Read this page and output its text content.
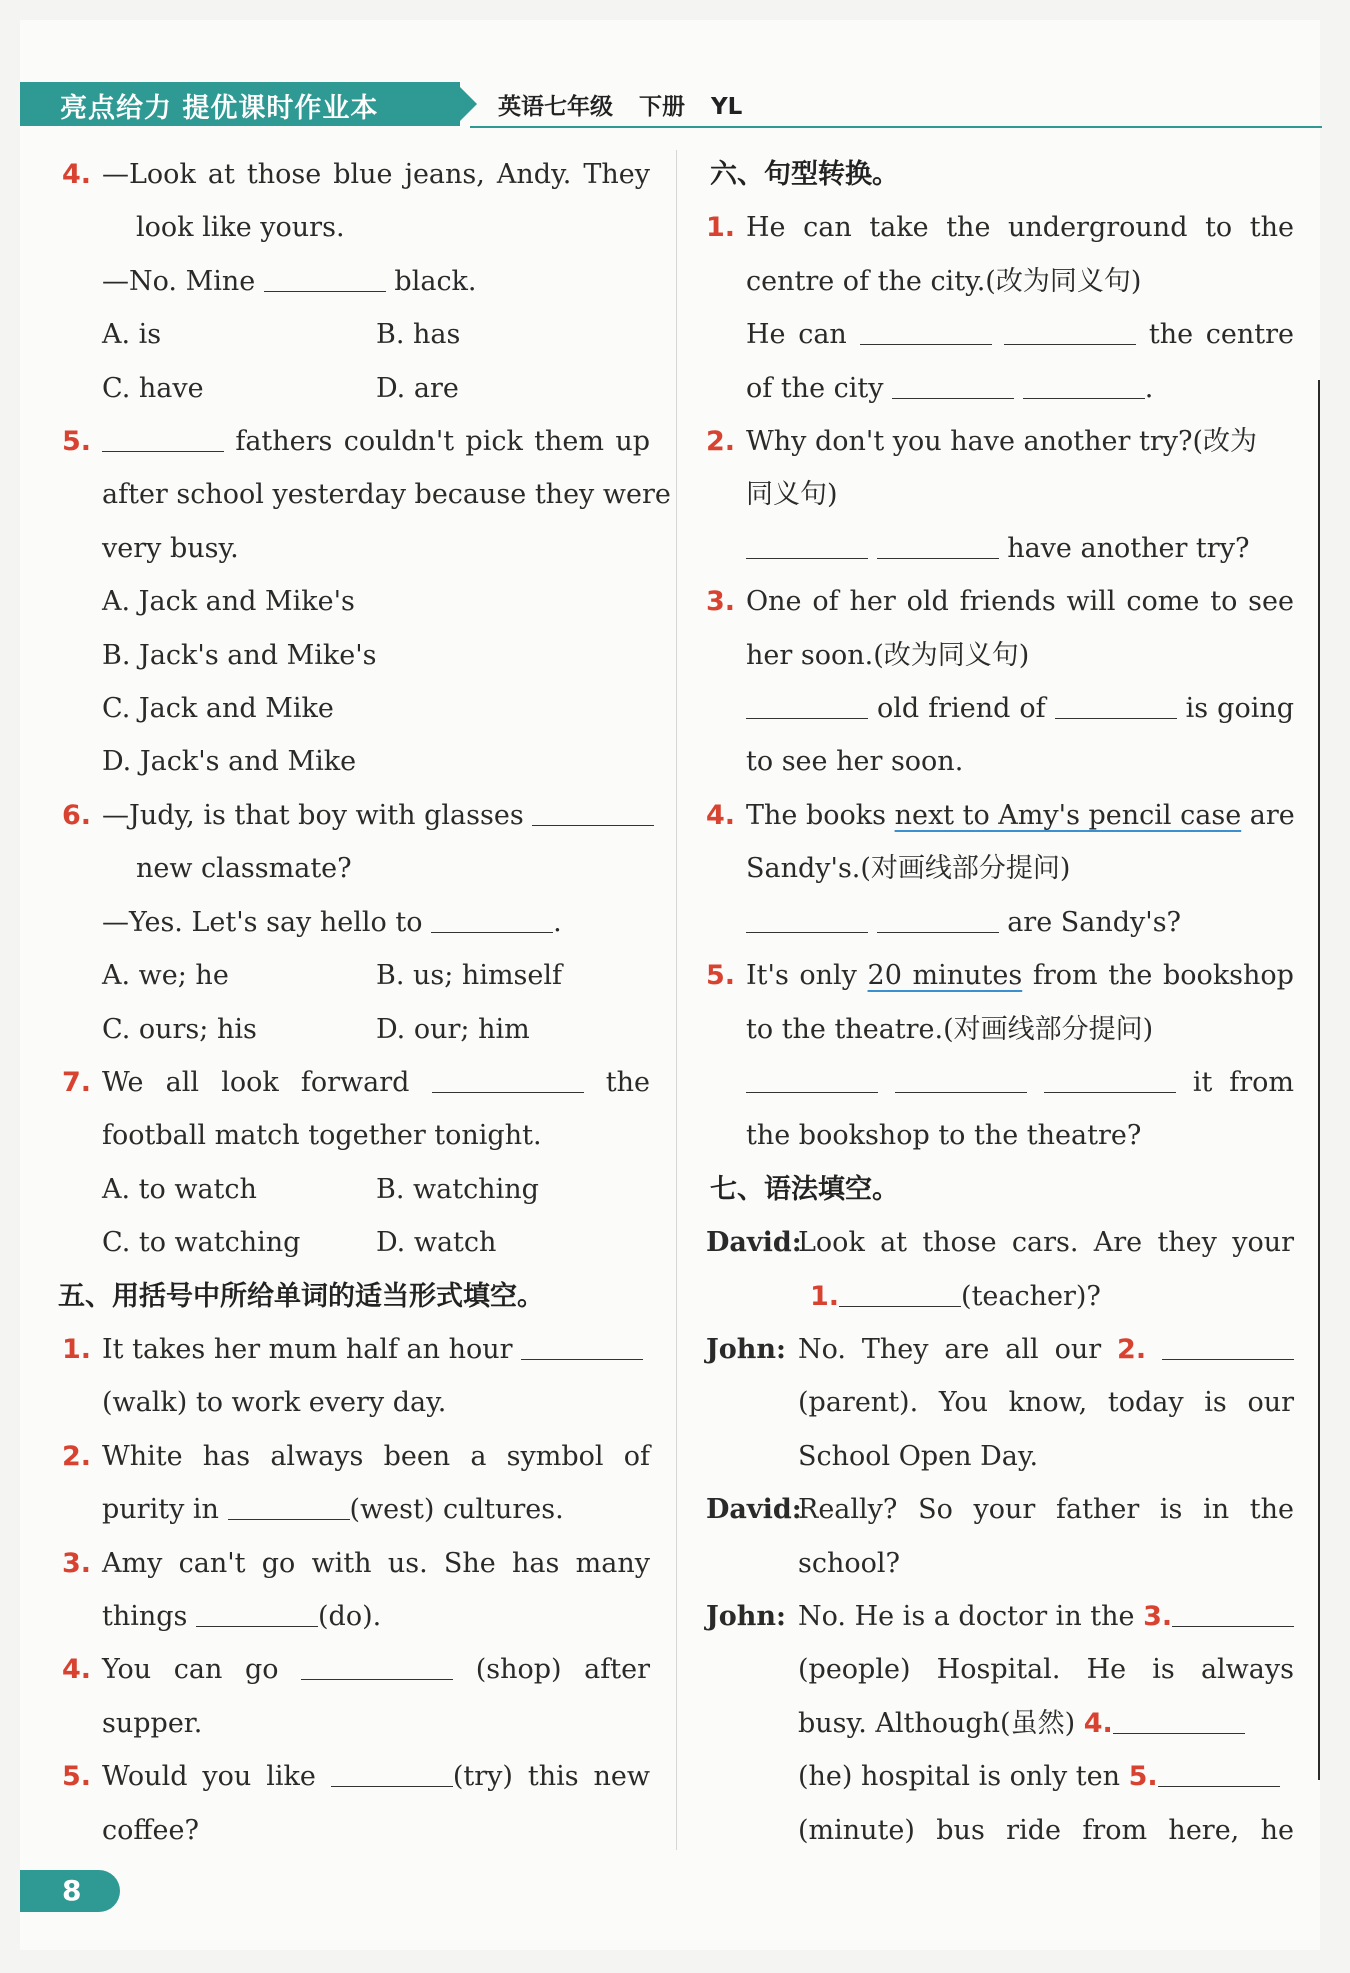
亮点给力 提优课时作业本	英语七年级 下册 YL
4. —Look at those blue jeans, Andy. They
look like yours.
—No. Mine	black.
A. is	B. has
C. have	D. are
5.	fathers couldn't pick them up
after school yesterday because they were
very busy.
A. Jack and Mike's
B. Jack's and Mike's
C. Jack and Mike
D. Jack's and Mike
6. —Judy, is that boy with glasses
new classmate?
—Yes. Let's say hello to	.
A. we; he	B. us; himself
C. ours; his	D. our; him
7. We all look forward	the
football match together tonight.
A. to watch	B. watching
C. to watching	D. watch
五、用括号中所给单词的适当形式填空。
1. It takes her mum half an hour
(walk) to work every day.
2. White has always been a symbol of
purity in	(west) cultures.
3. Amy can't go with us. She has many
things	(do).
4. You can go	(shop) after
supper.
5. Would you like	(try) this new
coffee?
六、句型转换。
1. He can take the underground to the
centre of the city.(改为同义句)
He can	the centre
of the city	.
2. Why don't you have another try?(改为
同义句)
have another try?
3. One of her old friends will come to see
her soon.(改为同义句)
old friend of	is going
to see her soon.
4. The books next to Amy's pencil case are
Sandy's.(对画线部分提问)
are Sandy's?
5. It's only 20 minutes from the bookshop
to the theatre.(对画线部分提问)
it from
the bookshop to the theatre?
七、语法填空。
David:
Look at those cars. Are they your
1.	(teacher)?
John: No. They are all our 2.
(parent). You know, today is our
School Open Day.
David:
Really? So your father is in the
school?
John: No. He is a doctor in the 3.
(people) Hospital. He is always
busy. Although(虽然) 4.
(he) hospital is only ten 5.
(minute) bus ride from here, he
8
